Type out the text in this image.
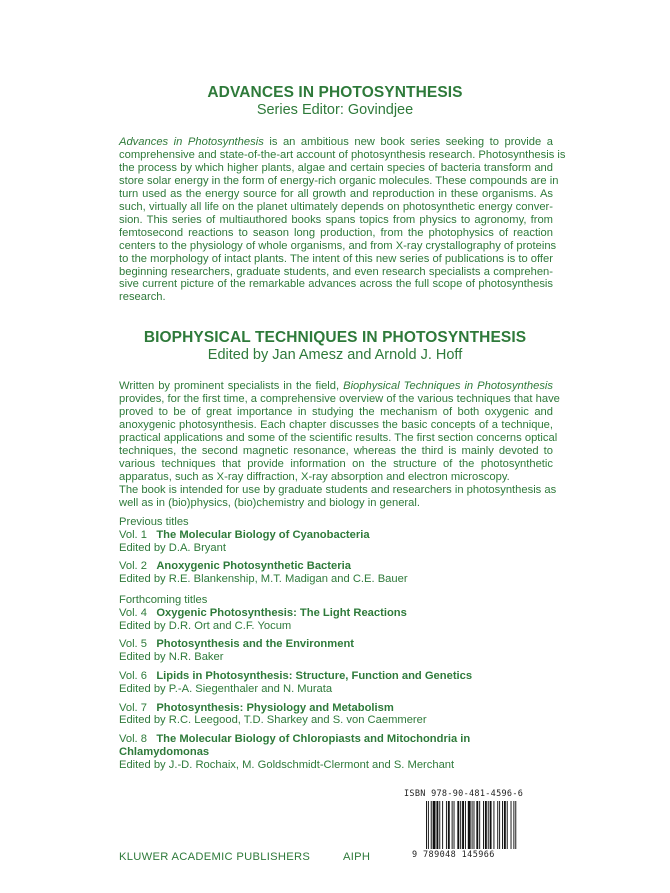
ADVANCES IN PHOTOSYNTHESIS
Series Editor: Govindjee
Advances in Photosynthesis is an ambitious new book series seeking to provide a
comprehensive and state-of-the-art account of photosynthesis research. Photosynthesis is
the process by which higher plants, algae and certain species of bacteria transform and
store solar energy in the form of energy-rich organic molecules. These compounds are in
turn used as the energy source for all growth and reproduction in these organisms. As
such, virtually all life on the planet ultimately depends on photosynthetic energy conver-
sion. This series of multiauthored books spans topics from physics to agronomy, from
femtosecond reactions to season long production, from the photophysics of reaction
centers to the physiology of whole organisms, and from X-ray crystallography of proteins
to the morphology of intact plants. The intent of this new series of publications is to offer
beginning researchers, graduate students, and even research specialists a comprehen-
sive current picture of the remarkable advances across the full scope of photosynthesis
research.
BIOPHYSICAL TECHNIQUES IN PHOTOSYNTHESIS
Edited by Jan Amesz and Arnold J. Hoff
Written by prominent specialists in the field, Biophysical Techniques in Photosynthesis
provides, for the first time, a comprehensive overview of the various techniques that have
proved to be of great importance in studying the mechanism of both oxygenic and
anoxygenic photosynthesis. Each chapter discusses the basic concepts of a technique,
practical applications and some of the scientific results. The first section concerns optical
techniques, the second magnetic resonance, whereas the third is mainly devoted to
various techniques that provide information on the structure of the photosynthetic
apparatus, such as X-ray diffraction, X-ray absorption and electron microscopy.
The book is intended for use by graduate students and researchers in photosynthesis as
well as in (bio)physics, (bio)chemistry and biology in general.
Previous titles
Vol. 1 The Molecular Biology of Cyanobacteria
Edited by D.A. Bryant
Vol. 2 Anoxygenic Photosynthetic Bacteria
Edited by R.E. Blankenship, M.T. Madigan and C.E. Bauer
Forthcoming titles
Vol. 4 Oxygenic Photosynthesis: The Light Reactions
Edited by D.R. Ort and C.F. Yocum
Vol. 5 Photosynthesis and the Environment
Edited by N.R. Baker
Vol. 6 Lipids in Photosynthesis: Structure, Function and Genetics
Edited by P.-A. Siegenthaler and N. Murata
Vol. 7 Photosynthesis: Physiology and Metabolism
Edited by R.C. Leegood, T.D. Sharkey and S. von Caemmerer
Vol. 8 The Molecular Biology of Chloropiasts and Mitochondria in Chlamydomonas
Edited by J.-D. Rochaix, M. Goldschmidt-Clermont and S. Merchant
ISBN 978-90-481-4596-6
9 789048 145966
KLUWER ACADEMIC PUBLISHERS	AIPH
